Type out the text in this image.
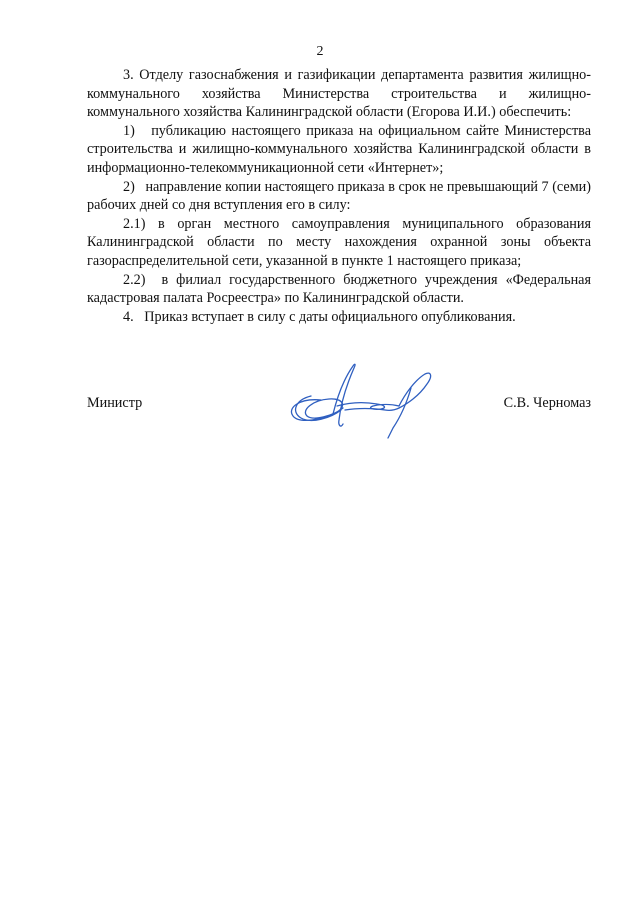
2

3. Отделу газоснабжения и газификации департамента развития жилищно-коммунального хозяйства Министерства строительства и жилищно-коммунального хозяйства Калининградской области (Егорова И.И.) обеспечить:

1)   публикацию настоящего приказа на официальном сайте Министерства строительства и жилищно-коммунального хозяйства Калининградской области в информационно-телекоммуникационной сети «Интернет»;

2)   направление копии настоящего приказа в срок не превышающий 7 (семи) рабочих дней со дня вступления его в силу:

2.1) в орган местного самоуправления муниципального образования Калининградской области по месту нахождения охранной зоны объекта газораспределительной сети, указанной в пункте 1 настоящего приказа;

2.2)  в филиал государственного бюджетного учреждения «Федеральная кадастровая палата Росреестра» по Калининградской области.

4.   Приказ вступает в силу с даты официального опубликования.

Министр	С.В. Черномаз
